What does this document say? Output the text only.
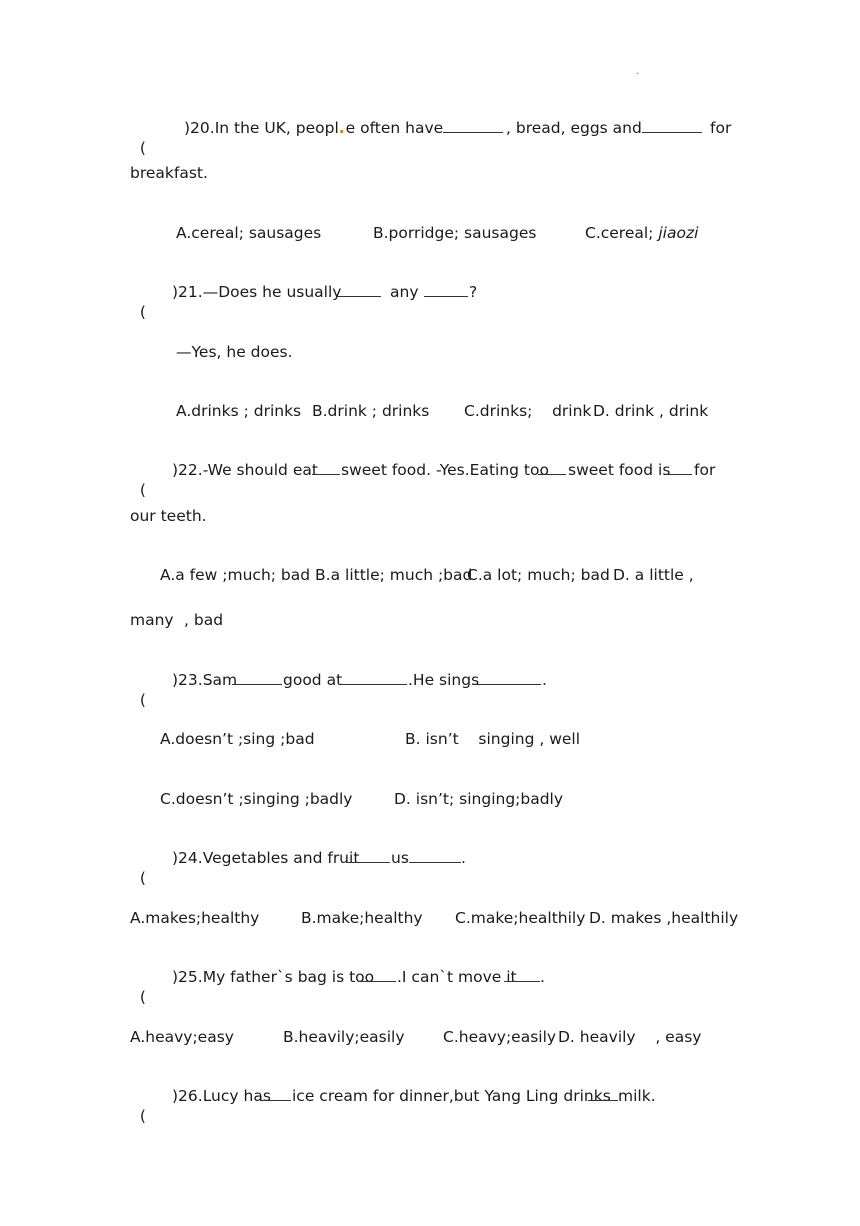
.

(
)20.In the UK, peopl.e often have

	, bread, eggs and

	for

breakfast.
A.cereal; sausages	B.porridge; sausages	C.cereal; jiaozi

(

)21.—Does he usually

	any

	?

—Yes, he does.
A.drinks ; drinks B.drink ; drinks C.drinks;    drink D. drink , drink

(

)22.-We should eat

sweet food. -Yes.Eating too

sweet food is

for

our teeth.
A.a few ;much; bad B.a little; much ;bad
C.a lot; much; bad D. a little ,
many , bad

(

)23.Sam

	good at

	.He sings

	.

A.doesn’t ;sing ;bad	B. isn’t    singing , well
C.doesn’t ;singing ;badly	D. isn’t; singing;badly

(

)24.Vegetables and fruit

us

	.

A.makes;healthy	B.make;healthy C.make;healthily D. makes ,healthily

(

)25.My father`s bag is too

.I can`t move it

.

A.heavy;easy	B.heavily;easily C.heavy;easily D. heavily    , easy

(

)26.Lucy has

ice cream for dinner,but Yang Ling drinks

milk.
